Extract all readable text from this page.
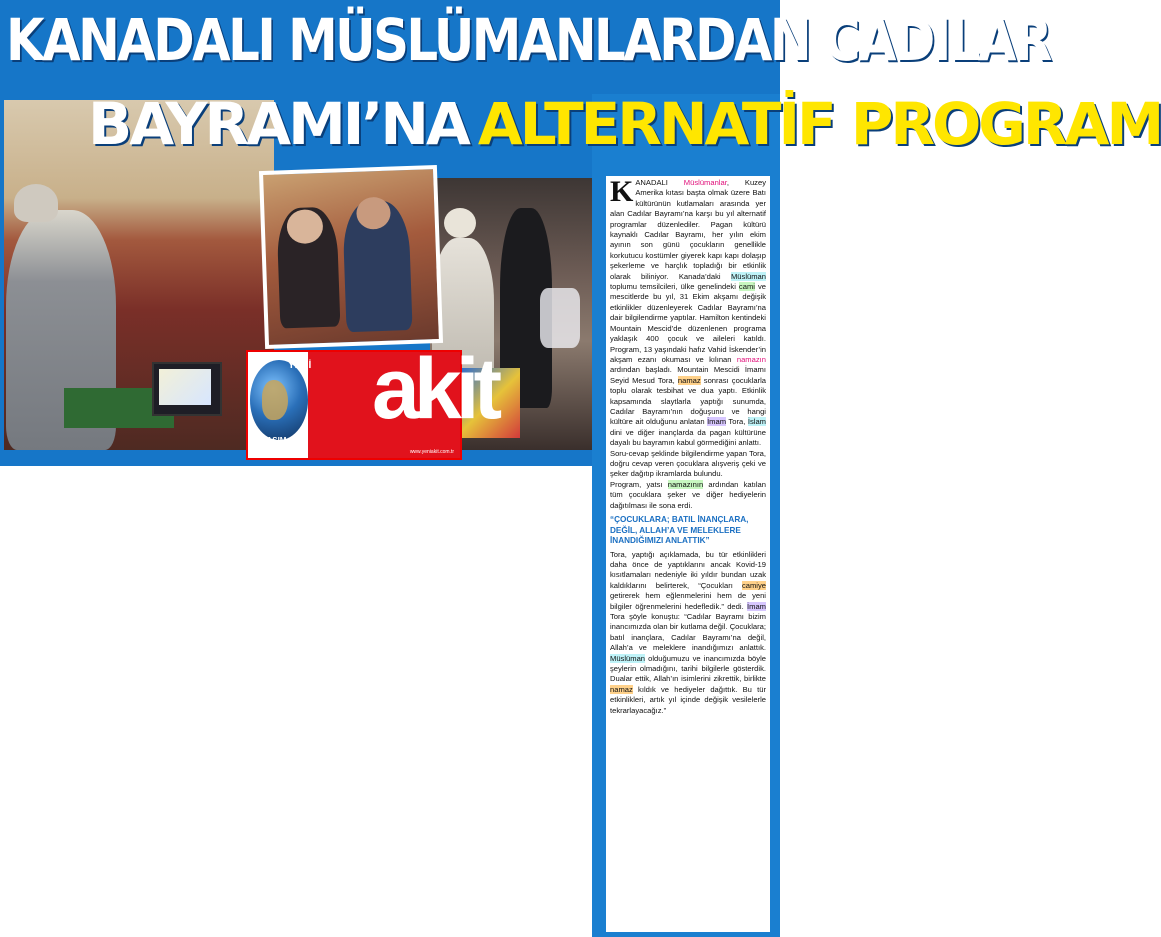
KANADALI MÜSLÜMANLARDAN CADILAR
BAYRAMI’NA ALTERNATİF PROGRAM
akit
www.yeniakit.com.tr
YENİ
2 KASIM 2020
SALI

KANADALI Müslümanlar, Kuzey Amerika kıtası başta olmak üzere Batı kültürünün kutlamaları arasında yer alan Cadılar Bayramı’na karşı bu yıl alternatif programlar düzenlediler. Pagan kültürü kaynaklı Cadılar Bayramı, her yılın ekim ayının son günü çocukların genellikle korkutucu kostümler giyerek kapı kapı dolaşıp şekerleme ve harçlık topladığı bir etkinlik olarak biliniyor. Kanada’daki Müslüman toplumu temsilcileri, ülke genelindeki cami ve mescitlerde bu yıl, 31 Ekim akşamı değişik etkinlikler düzenleyerek Cadılar Bayramı’na dair bilgilendirme yaptılar. Hamilton kentindeki Mountain Mescid’de düzenlenen programa yaklaşık 400 çocuk ve aileleri katıldı. Program, 13 yaşındaki hafız Vahid İskender’in akşam ezanı okuması ve kılınan namazın ardından başladı. Mountain Mescidi İmamı Seyid Mesud Tora, namaz sonrası çocuklarla toplu olarak tesbihat ve dua yaptı. Etkinlik kapsamında slaytlarla yaptığı sunumda, Cadılar Bayramı’nın doğuşunu ve hangi kültüre ait olduğunu anlatan İmam Tora, İslam dini ve diğer inançlarda da pagan kültürüne dayalı bu bayramın kabul görmediğini anlattı.

Soru-cevap şeklinde bilgilendirme yapan Tora, doğru cevap veren çocuklara alışveriş çeki ve şeker dağıtıp ikramlarda bulundu.

Program, yatsı namazının ardından katılan tüm çocuklara şeker ve diğer hediyelerin dağıtılması ile sona erdi.

“ÇOCUKLARA; BATIL İNANÇLARA, DEĞİL, ALLAH’A VE MELEKLERE İNANDIĞIMIZI ANLATTIK”

Tora, yaptığı açıklamada, bu tür etkinlikleri daha önce de yaptıklarını ancak Kovid-19 kısıtlamaları nedeniyle iki yıldır bundan uzak kaldıklarını belirterek, “Çocukları camiye getirerek hem eğlenmelerini hem de yeni bilgiler öğrenmelerini hedefledik.” dedi. İmam Tora şöyle konuştu: “Cadılar Bayramı bizim inancımızda olan bir kutlama değil. Çocuklara; batıl inançlara, Cadılar Bayramı’na değil, Allah’a ve meleklere inandığımızı anlattık. Müslüman olduğumuzu ve inancımızda böyle şeylerin olmadığını, tarihi bilgilerle gösterdik. Dualar ettik, Allah’ın isimlerini zikrettik, birlikte namaz kıldık ve hediyeler dağıttık. Bu tür etkinlikleri, artık yıl içinde değişik vesilelerle tekrarlayacağız.”
